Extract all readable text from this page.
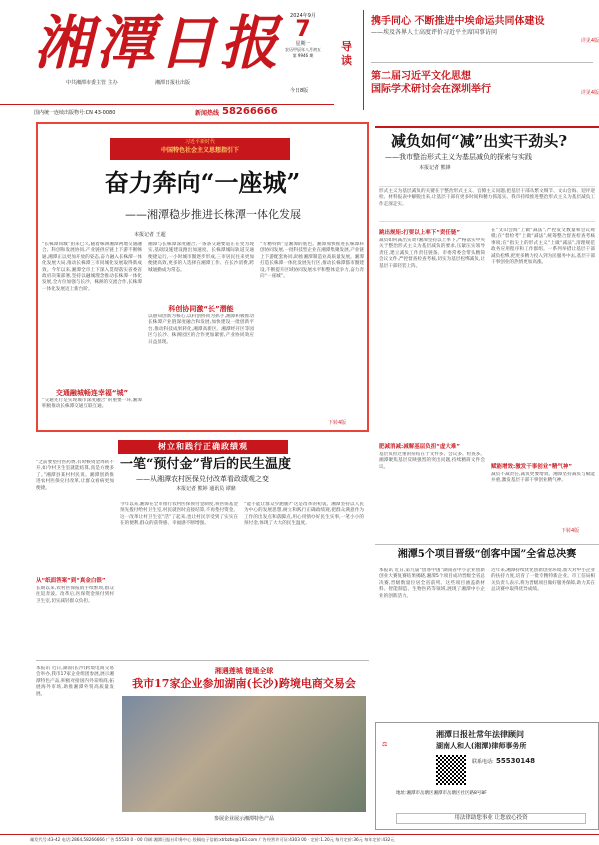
湘潭日报	2024年9月
7
星期一
农历甲辰年八月初五
第 9946 期
中共湘潭市委主管 主办	湘潭日报社出版
今日8版
国内统一连续出版物号:CN 43-0080	新闻热线 58266666
导读
携手同心 不断推进中埃命运共同体建设
——埃及各界人士高度评价习近平主席国事访问
详见4版
第二届习近平文化思想
国际学术研讨会在深圳举行	详见4版
习近平新时代
中国特色社会主义思想指引下
奋力奔向“一座城”
——湘潭稳步推进长株潭一体化发展
本报记者 王超
“长株潭同城”由来已久,随着株洲湘潭两地交通融合、科创和发展协同,产业链供应链上下游不断畅通,湘潭正以更加开放的姿态,奋力融入长株潭一体化发展大局,推动长株潭三市同城化发展取得新成效。今年以来,湘潭全市上下深入贯彻落实省委省政府决策部署,坚持以融城理念推动长株潭一体化发展,全方位加强与长沙、株洲的交流合作,长株潭一体化发展迈上新台阶。
交通融城畅连幸福“城”
“交通先行是实现城市深度融合”的重要一环,湘潭积极推动长株潭交通互联互通。
湘潭与长株潭深度融合,一条条交通要道正在变为现实,基础设施建设跑出加速度。长株潭城际轨道交通便捷运行,一小时城市圈逐步形成,三市居民往来更加便捷高效,更多的人选择在湘潭工作、在长沙消费,跨城通勤成为常态。
科创协同激“长”潜能
以感知创新为核心,以科创协同为抓手,湘潭积极推动长株潭产业链深度融合和发展,加快建设一批创新平台,推动科技成果转化,湘潭高新区、湘潭经开区等园区与长沙、株洲园区的合作更加紧密,产业协同效应日益显现。
“专精特新”是湘潭的底色。湘潭加快推进长株潭科创协同发展,一批科技型企业在湘潭集聚发展,产业链上下游配套协同,助推湘潭制造业高质量发展。湘潭打造长株潭一体化发展先行区,推动长株潭都市圈建设,不断提升区域协同发展水平和整体竞争力,奋力奔向“一座城”。
下转4版
减负如何“减”出实干劲头?
——我市整治形式主义为基层减负的探索与实践
本报记者 熊锋
形式主义为基层减负的关键在于整治形式主义、官僚主义问题,把基层干部从繁文缛节、文山会海、迎评迎检、材料报表中解脱出来,让基层干部有更多时间和精力抓落实。我市持续推进整治形式主义为基层减负工作走深走实。
跳出规矩:打要以上率下“责任链”
减负如何减出实效?湘潭坚持以上率下,严格落实中央关于整治形式主义为基层减负的要求,压紧压实领导责任,建立减负工作责任链条。市委常委会带头精简会议文件,严控督查检查考核,切实为基层松绑减负,让基层干部轻装上阵。
肥减消减:减解基层负担“虚大难”
基层负担过重的症结在于文件多、会议多、检查多。湘潭聚焦基层反映强烈的突出问题,持续精简文件会议。
在“文山会海”上做“减法”,严控发文数量和会议规模;在“督检考”上做“减法”,统筹整合督查检查考核事项;在“指尖上的形式主义”上做“减法”,清理规范政务应用程序和工作群组。一系列举措让基层干部减负松绑,把更多精力投入到为民服务中去,基层干部干事创业的热情更加高涨。
赋能增效:激发干事创业“精气神”
减负不减责任,减负更要增效。湘潭坚持减负与赋能并重,激发基层干部干事创业精气神。
下转4版
树立和践行正确政绩观
一笔“预付金”背后的民生温度
——从湘潭农村医保兑付改革看政绩观之变
本报记者 熊婷 通讯员 谭鼎
“之前要垫付医药费,有时候资金周转不开,如今村卫生室就能结算,真是方便多了。”湘潭县某村村民说。湘潭创新推进农村医保兑付改革,让群众看病更加便捷。
从“纸面答案”到“真金白银”
长期以来,农村医保报销手续繁琐,群众往返奔波。改革后,医保资金预付到村卫生室,切实减轻群众负担。
今年以来,湘潭在全市推行农村医保预付金制度,将医保基金预先拨付给村卫生室,村民就医时直接结算,不再垫付资金。这一改革让村卫生室“活”了起来,也让村民享受到了实实在在的便利,群众的获得感、幸福感不断增强。
“能不能让群众少跑腿?”这是改革的初衷。湘潭坚持以人民为中心的发展思想,树立和践行正确政绩观,把群众满意作为工作的出发点和落脚点,用心用情办好民生实事,一笔小小的预付金,体现了大大的民生温度。
本报讯 近日,湖南(长沙)跨境电商交易会举办,我市17家企业组团参展,展示湘潭特色产品,积极对接国内外采购商,拓展海外市场,助推湘潭外贸高质量发展。
湘遇莲城 链通全球
我市17家企业参加湖南(长沙)跨境电商交易会
参展企业展示湘潭特色产品
湘潭5个项目晋级“创客中国”全省总决赛
本报讯 近日,第九届“创客中国”湖南省中小企业创新创业大赛复赛结果揭晓,湘潭5个项目成功晋级全省总决赛,晋级数量位居全省前列。这些项目涵盖新材料、智能制造、生物医药等领域,展现了湘潭中小企业的创新活力。
近年来,湘潭持续优化创新创业环境,加大对中小企业的扶持力度,培育了一批专精特新企业。市工信局相关负责人表示,将为晋级项目做好服务保障,助力其在总决赛中取得优异成绩。
湘潭日报社常年法律顾问
⚖	湖南人和人(湘潭)律师事务所
联系电话: 55530148
地址:湘潭市岳塘区湘潭市岳塘区社区路8号8F
用法律助您事业 让您放心投资
邮发代号:43-42 电话:2864,58266666 广告:55530 0 · 00 印刷:湘潭日报社印务中心 投稿电子信箱:xtrbzbs@163.com 广告经营许可证:4303 00 · 定价:1.20元 每月定价:36元 每年定价:432元
